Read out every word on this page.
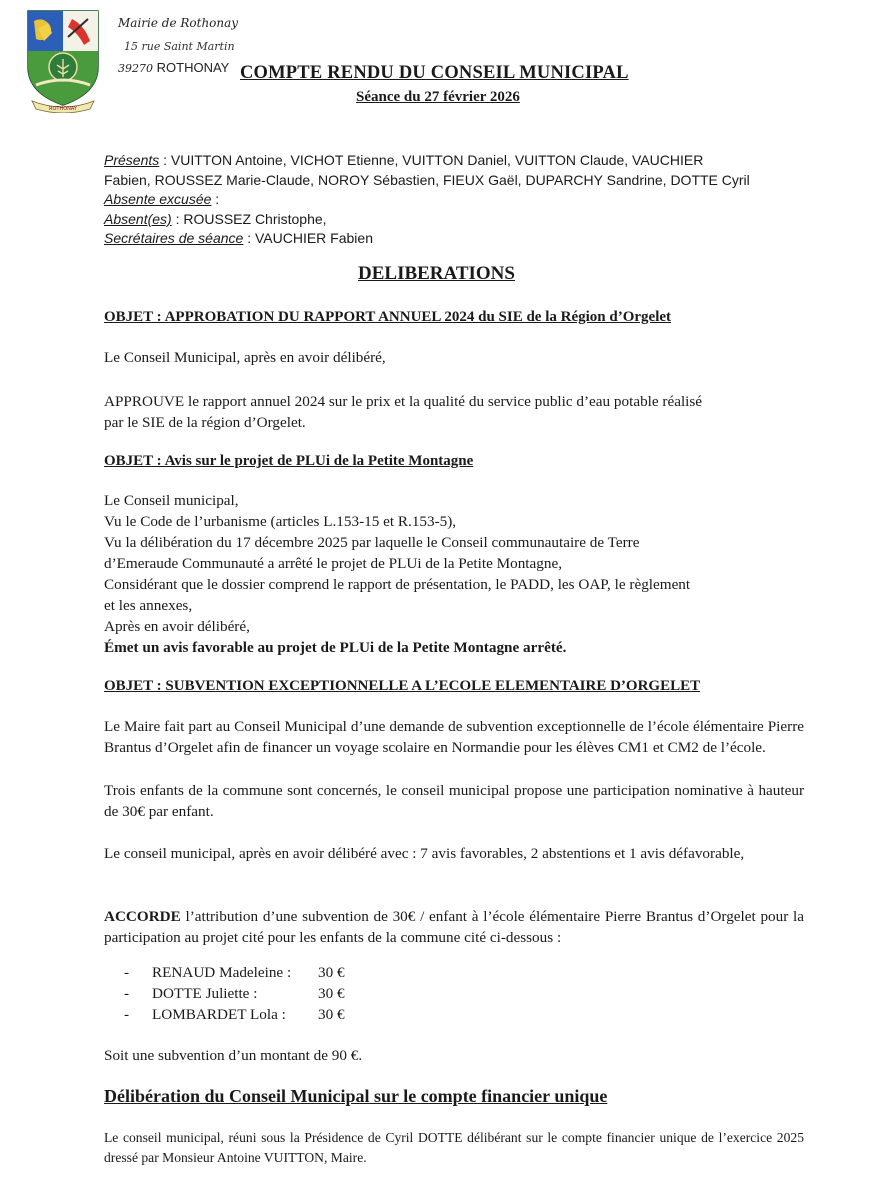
ROTHONAY
Mairie de Rothonay
15 rue Saint Martin
39270 ROTHONAY COMPTE RENDU DU CONSEIL MUNICIPAL
Séance du 27 février 2026
Présents : VUITTON Antoine, VICHOT Etienne, VUITTON Daniel, VUITTON Claude, VAUCHIER
Fabien, ROUSSEZ Marie-Claude, NOROY Sébastien, FIEUX Gaël, DUPARCHY Sandrine, DOTTE Cyril
Absente excusée :
Absent(es) : ROUSSEZ Christophe,
Secrétaires de séance : VAUCHIER Fabien
DELIBERATIONS
OBJET : APPROBATION DU RAPPORT ANNUEL 2024 du SIE de la Région d’Orgelet
Le Conseil Municipal, après en avoir délibéré,
APPROUVE le rapport annuel 2024 sur le prix et la qualité du service public d’eau potable réalisé
par le SIE de la région d’Orgelet.
OBJET : Avis sur le projet de PLUi de la Petite Montagne
Le Conseil municipal,
Vu le Code de l’urbanisme (articles L.153-15 et R.153-5),
Vu la délibération du 17 décembre 2025 par laquelle le Conseil communautaire de Terre
d’Emeraude Communauté a arrêté le projet de PLUi de la Petite Montagne,
Considérant que le dossier comprend le rapport de présentation, le PADD, les OAP, le règlement
et les annexes,
Après en avoir délibéré,
Émet un avis favorable au projet de PLUi de la Petite Montagne arrêté.
OBJET : SUBVENTION EXCEPTIONNELLE A L’ECOLE ELEMENTAIRE D’ORGELET
Le Maire fait part au Conseil Municipal d’une demande de subvention exceptionnelle de l’école élémentaire Pierre Brantus d’Orgelet afin de financer un voyage scolaire en Normandie pour les élèves CM1 et CM2 de l’école.
Trois enfants de la commune sont concernés, le conseil municipal propose une participation nominative à hauteur de 30€ par enfant.
Le conseil municipal, après en avoir délibéré avec : 7 avis favorables, 2 abstentions et 1 avis défavorable,
ACCORDE l’attribution d’une subvention de 30€ / enfant à l’école élémentaire Pierre Brantus d’Orgelet pour la participation au projet cité pour les enfants de la commune cité ci-dessous :
-	RENAUD Madeleine :	30 €
-	DOTTE Juliette :	30 €
-	LOMBARDET Lola :	30 €
Soit une subvention d’un montant de 90 €.
Délibération du Conseil Municipal sur le compte financier unique
Le conseil municipal, réuni sous la Présidence de Cyril DOTTE délibérant sur le compte financier unique de l’exercice 2025 dressé par Monsieur Antoine VUITTON, Maire.
